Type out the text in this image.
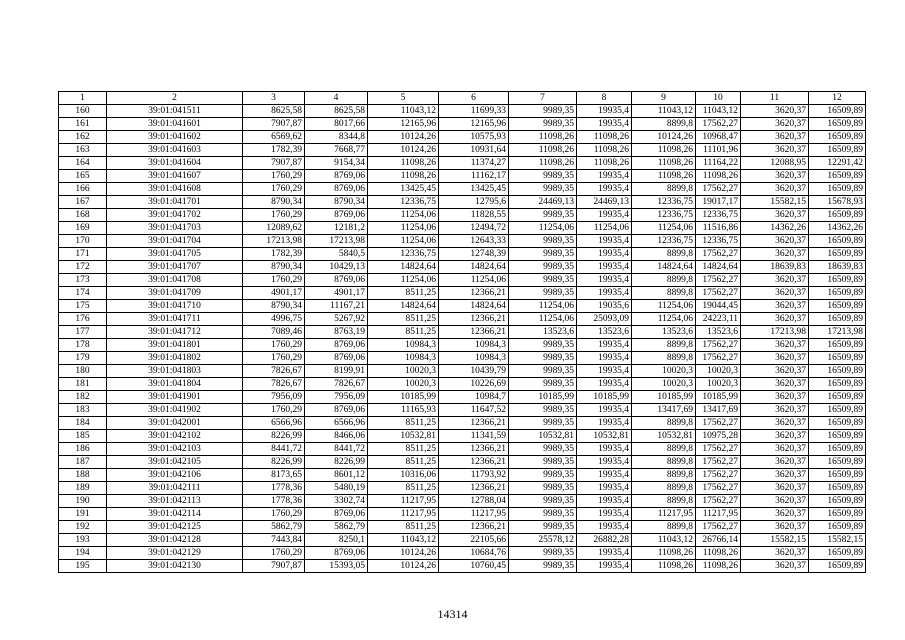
1	2	3	4	5	6	7	8	9	10	11	12
160	39:01:041511	8625,58	8625,58	11043,12	11699,33	9989,35	19935,4	11043,12	11043,12	3620,37	16509,89
161	39:01:041601	7907,87	8017,66	12165,96	12165,96	9989,35	19935,4	8899,8	17562,27	3620,37	16509,89
162	39:01:041602	6569,62	8344,8	10124,26	10575,93	11098,26	11098,26	10124,26	10968,47	3620,37	16509,89
163	39:01:041603	1782,39	7668,77	10124,26	10931,64	11098,26	11098,26	11098,26	11101,96	3620,37	16509,89
164	39:01:041604	7907,87	9154,34	11098,26	11374,27	11098,26	11098,26	11098,26	11164,22	12088,95	12291,42
165	39:01:041607	1760,29	8769,06	11098,26	11162,17	9989,35	19935,4	11098,26	11098,26	3620,37	16509,89
166	39:01:041608	1760,29	8769,06	13425,45	13425,45	9989,35	19935,4	8899,8	17562,27	3620,37	16509,89
167	39:01:041701	8790,34	8790,34	12336,75	12795,6	24469,13	24469,13	12336,75	19017,17	15582,15	15678,93
168	39:01:041702	1760,29	8769,06	11254,06	11828,55	9989,35	19935,4	12336,75	12336,75	3620,37	16509,89
169	39:01:041703	12089,62	12181,2	11254,06	12494,72	11254,06	11254,06	11254,06	11516,86	14362,26	14362,26
170	39:01:041704	17213,98	17213,98	11254,06	12643,33	9989,35	19935,4	12336,75	12336,75	3620,37	16509,89
171	39:01:041705	1782,39	5840,5	12336,75	12748,39	9989,35	19935,4	8899,8	17562,27	3620,37	16509,89
172	39:01:041707	8790,34	10429,13	14824,64	14824,64	9989,35	19935,4	14824,64	14824,64	18639,83	18639,83
173	39:01:041708	1760,29	8769,06	11254,06	11254,06	9989,35	19935,4	8899,8	17562,27	3620,37	16509,89
174	39:01:041709	4901,17	4901,17	8511,25	12366,21	9989,35	19935,4	8899,8	17562,27	3620,37	16509,89
175	39:01:041710	8790,34	11167,21	14824,64	14824,64	11254,06	19035,6	11254,06	19044,45	3620,37	16509,89
176	39:01:041711	4996,75	5267,92	8511,25	12366,21	11254,06	25093,09	11254,06	24223,11	3620,37	16509,89
177	39:01:041712	7089,46	8763,19	8511,25	12366,21	13523,6	13523,6	13523,6	13523,6	17213,98	17213,98
178	39:01:041801	1760,29	8769,06	10984,3	10984,3	9989,35	19935,4	8899,8	17562,27	3620,37	16509,89
179	39:01:041802	1760,29	8769,06	10984,3	10984,3	9989,35	19935,4	8899,8	17562,27	3620,37	16509,89
180	39:01:041803	7826,67	8199,91	10020,3	10439,79	9989,35	19935,4	10020,3	10020,3	3620,37	16509,89
181	39:01:041804	7826,67	7826,67	10020,3	10226,69	9989,35	19935,4	10020,3	10020,3	3620,37	16509,89
182	39:01:041901	7956,09	7956,09	10185,99	10984,7	10185,99	10185,99	10185,99	10185,99	3620,37	16509,89
183	39:01:041902	1760,29	8769,06	11165,93	11647,52	9989,35	19935,4	13417,69	13417,69	3620,37	16509,89
184	39:01:042001	6566,96	6566,96	8511,25	12366,21	9989,35	19935,4	8899,8	17562,27	3620,37	16509,89
185	39:01:042102	8226,99	8466,06	10532,81	11341,59	10532,81	10532,81	10532,81	10975,28	3620,37	16509,89
186	39:01:042103	8441,72	8441,72	8511,25	12366,21	9989,35	19935,4	8899,8	17562,27	3620,37	16509,89
187	39:01:042105	8226,99	8226,99	8511,25	12366,21	9989,35	19935,4	8899,8	17562,27	3620,37	16509,89
188	39:01:042106	8173,65	8601,12	10316,06	11793,92	9989,35	19935,4	8899,8	17562,27	3620,37	16509,89
189	39:01:042111	1778,36	5480,19	8511,25	12366,21	9989,35	19935,4	8899,8	17562,27	3620,37	16509,89
190	39:01:042113	1778,36	3302,74	11217,95	12788,04	9989,35	19935,4	8899,8	17562,27	3620,37	16509,89
191	39:01:042114	1760,29	8769,06	11217,95	11217,95	9989,35	19935,4	11217,95	11217,95	3620,37	16509,89
192	39:01:042125	5862,79	5862,79	8511,25	12366,21	9989,35	19935,4	8899,8	17562,27	3620,37	16509,89
193	39:01:042128	7443,84	8250,1	11043,12	22105,66	25578,12	26882,28	11043,12	26766,14	15582,15	15582,15
194	39:01:042129	1760,29	8769,06	10124,26	10684,76	9989,35	19935,4	11098,26	11098,26	3620,37	16509,89
195	39:01:042130	7907,87	15393,05	10124,26	10760,45	9989,35	19935,4	11098,26	11098,26	3620,37	16509,89
14314
